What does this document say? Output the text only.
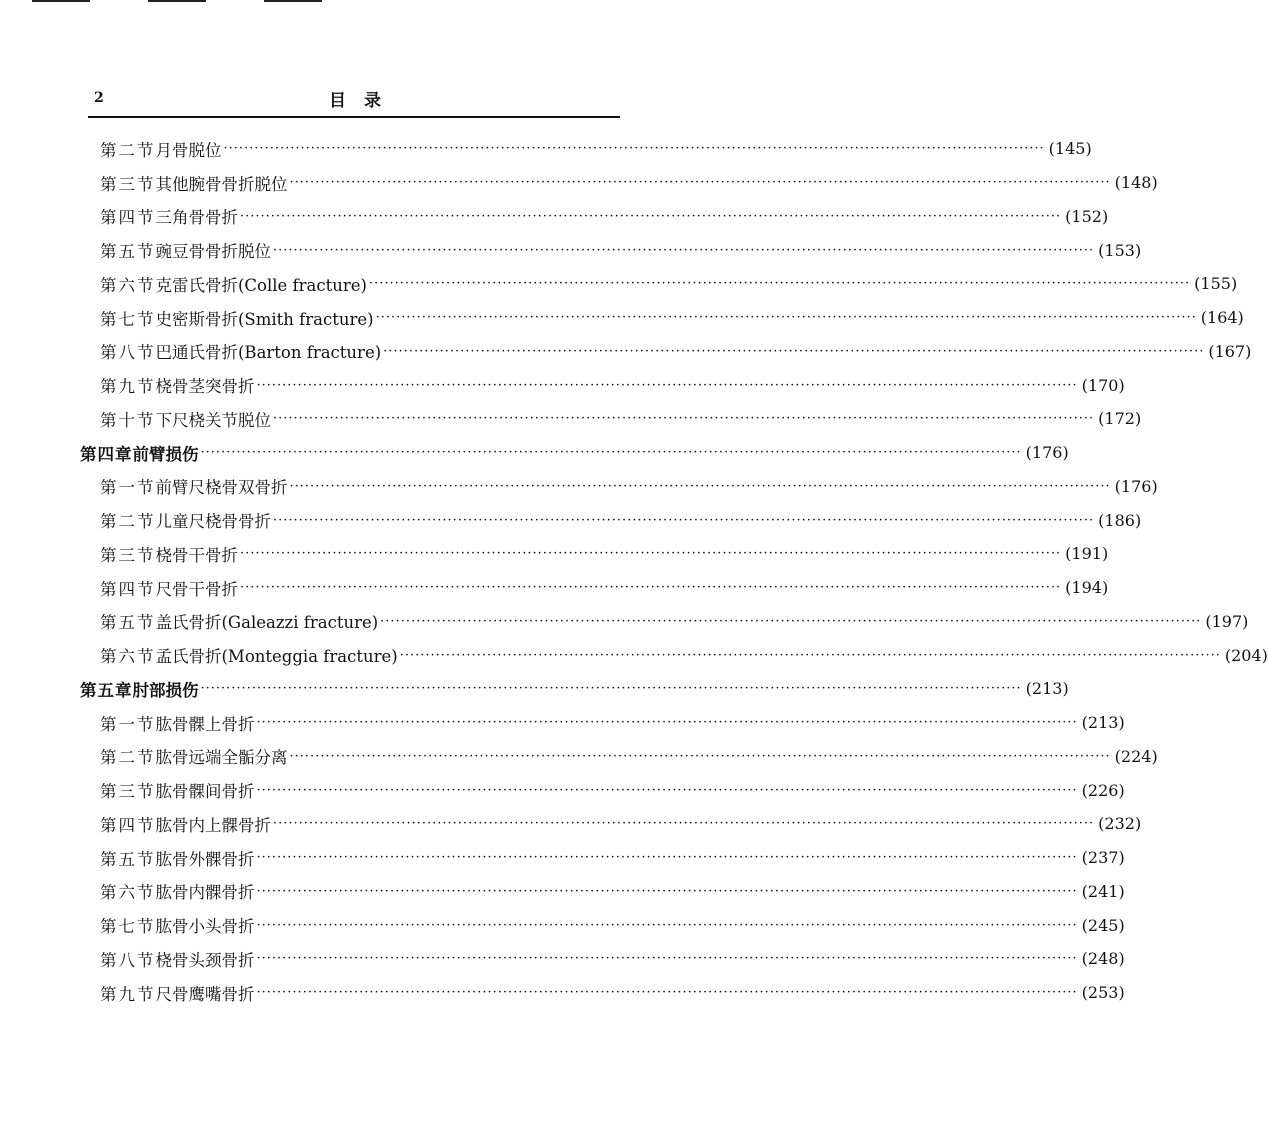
2	目录
第二节 月骨脱位 ································································································································································ (145)
第三节 其他腕骨骨折脱位 ································································································································································ (148)
第四节 三角骨骨折 ································································································································································ (152)
第五节 豌豆骨骨折脱位 ································································································································································ (153)
第六节 克雷氏骨折(Colle fracture) ································································································································································ (155)
第七节 史密斯骨折(Smith fracture) ································································································································································ (164)
第八节 巴通氏骨折(Barton fracture) ································································································································································ (167)
第九节 桡骨茎突骨折 ································································································································································ (170)
第十节 下尺桡关节脱位 ································································································································································ (172)
第四章 前臂损伤 ································································································································································ (176)
第一节 前臂尺桡骨双骨折 ································································································································································ (176)
第二节 儿童尺桡骨骨折 ································································································································································ (186)
第三节 桡骨干骨折 ································································································································································ (191)
第四节 尺骨干骨折 ································································································································································ (194)
第五节 盖氏骨折(Galeazzi fracture) ································································································································································ (197)
第六节 孟氏骨折(Monteggia fracture) ································································································································································ (204)
第五章 肘部损伤 ································································································································································ (213)
第一节 肱骨髁上骨折 ································································································································································ (213)
第二节 肱骨远端全骺分离 ································································································································································ (224)
第三节 肱骨髁间骨折 ································································································································································ (226)
第四节 肱骨内上髁骨折 ································································································································································ (232)
第五节 肱骨外髁骨折 ································································································································································ (237)
第六节 肱骨内髁骨折 ································································································································································ (241)
第七节 肱骨小头骨折 ································································································································································ (245)
第八节 桡骨头颈骨折 ································································································································································ (248)
第九节 尺骨鹰嘴骨折 ································································································································································ (253)
